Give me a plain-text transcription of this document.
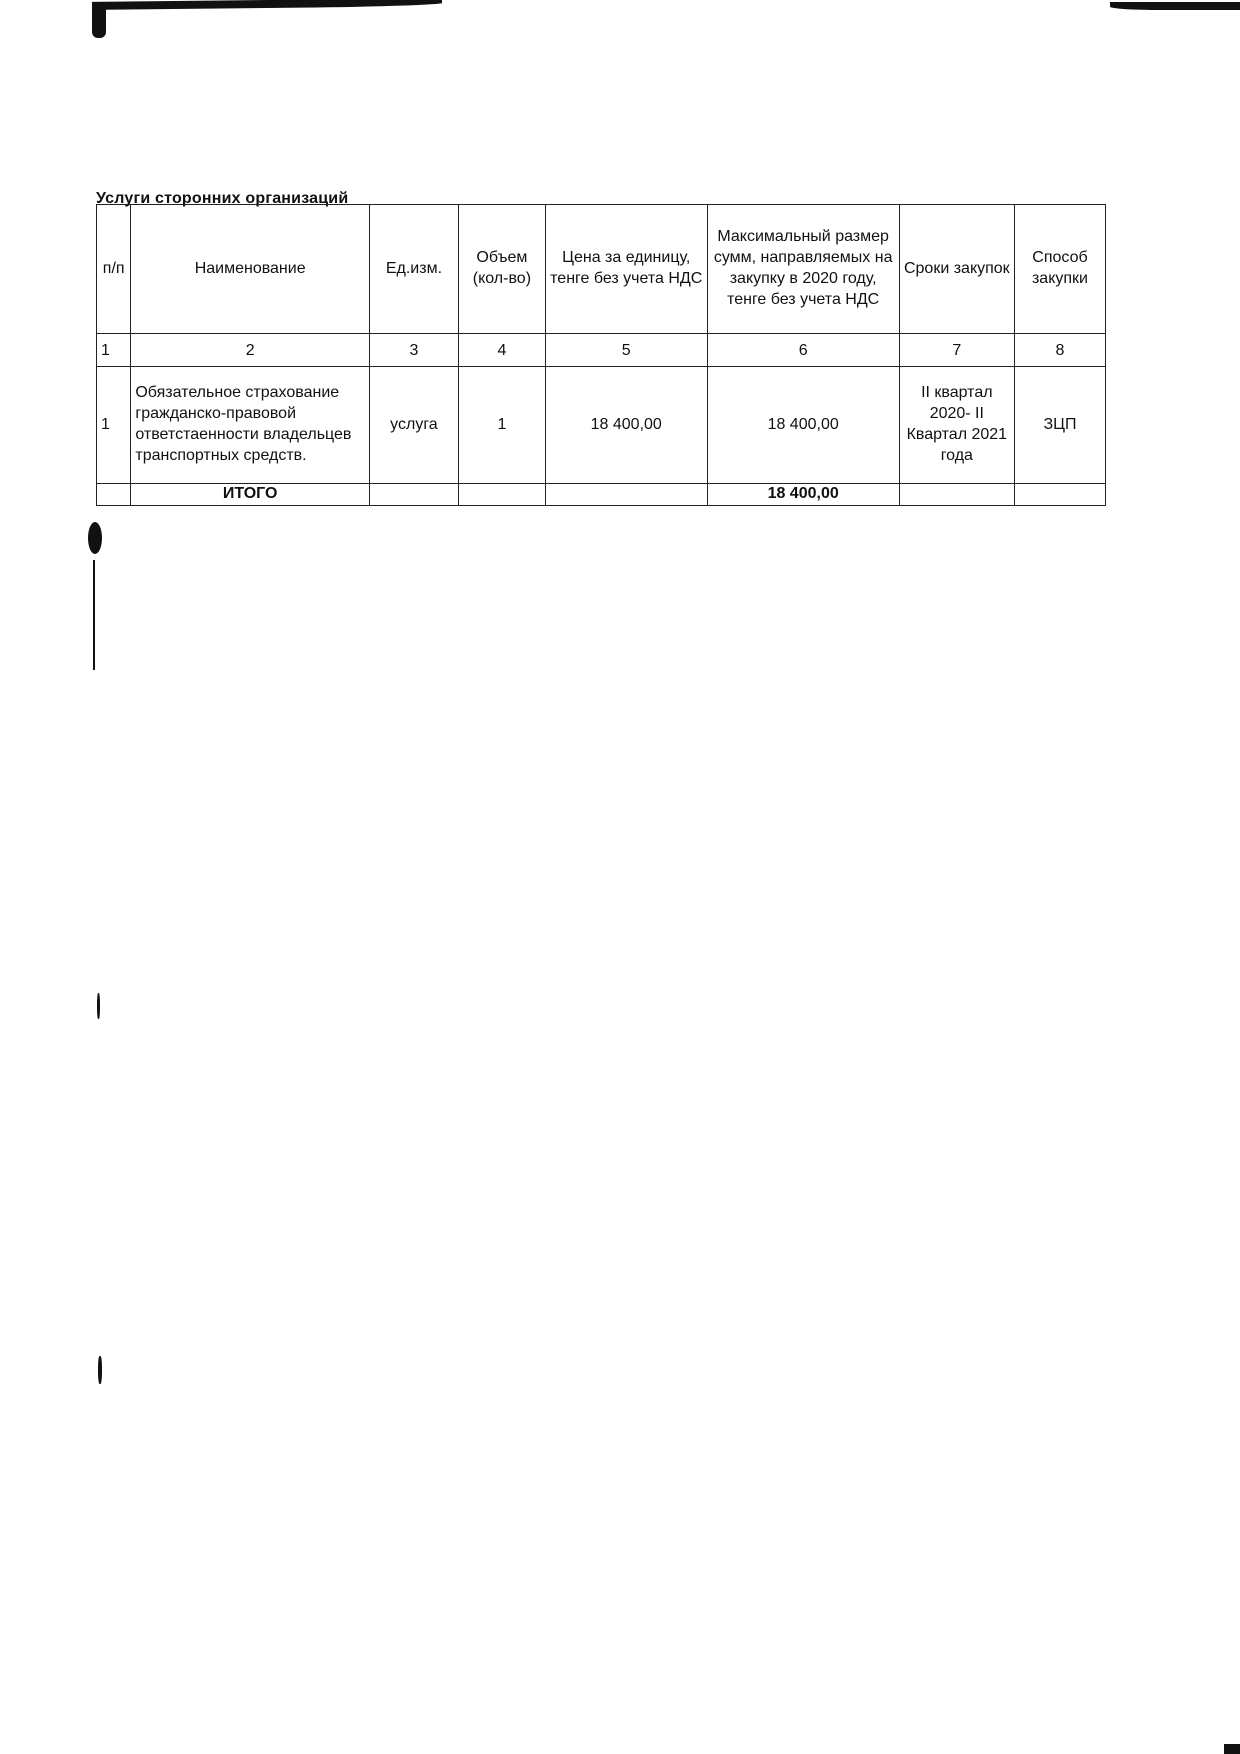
Услуги сторонних организаций
п/п	Наименование	Ед.изм.	Объем (кол-во)	Цена за единицу, тенге без учета НДС	Максимальный размер сумм, направляемых на закупку в 2020 году, тенге без учета НДС	Сроки закупок	Способ закупки
1	2	3	4	5	6	7	8
1	Обязательное страхование гражданско-правовой ответстаенности владельцев транспортных средств.	услуга	1	18 400,00	18 400,00	II квартал 2020- II Квартал 2021 года	ЗЦП
	ИТОГО				18 400,00		
